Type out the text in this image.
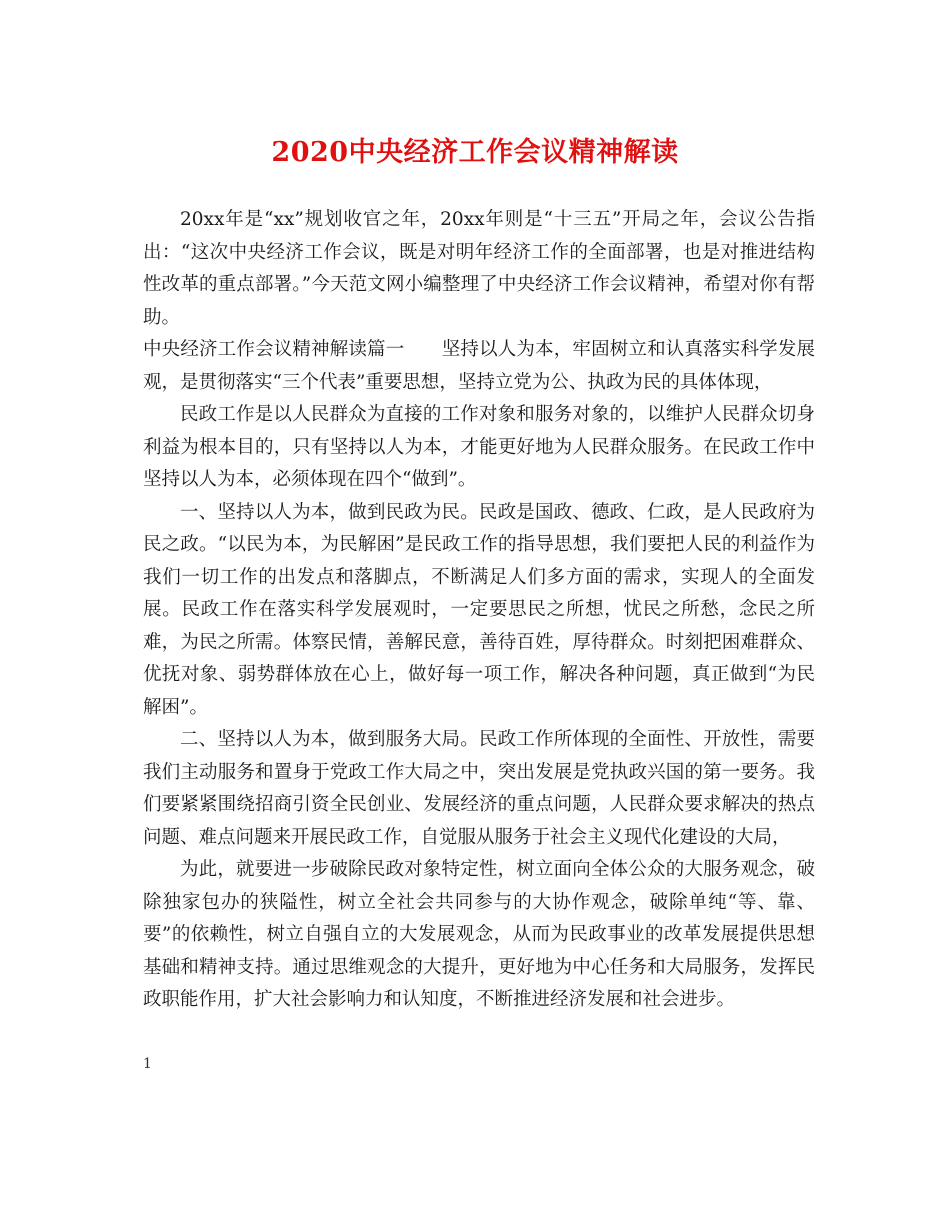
2020中央经济工作会议精神解读

20xx年是“xx”规划收官之年，20xx年则是“十三五”开局之年，会议公告指出：“这次中央经济工作会议，既是对明年经济工作的全面部署，也是对推进结构性改革的重点部署。”今天范文网小编整理了中央经济工作会议精神，希望对你有帮助。

中央经济工作会议精神解读篇一　　坚持以人为本，牢固树立和认真落实科学发展观，是贯彻落实“三个代表”重要思想，坚持立党为公、执政为民的具体体现，

民政工作是以人民群众为直接的工作对象和服务对象的，以维护人民群众切身利益为根本目的，只有坚持以人为本，才能更好地为人民群众服务。在民政工作中坚持以人为本，必须体现在四个“做到”。

一、坚持以人为本，做到民政为民。民政是国政、德政、仁政，是人民政府为民之政。“以民为本，为民解困”是民政工作的指导思想，我们要把人民的利益作为我们一切工作的出发点和落脚点，不断满足人们多方面的需求，实现人的全面发展。民政工作在落实科学发展观时，一定要思民之所想，忧民之所愁，念民之所难，为民之所需。体察民情，善解民意，善待百姓，厚待群众。时刻把困难群众、优抚对象、弱势群体放在心上，做好每一项工作，解决各种问题，真正做到“为民解困”。

二、坚持以人为本，做到服务大局。民政工作所体现的全面性、开放性，需要我们主动服务和置身于党政工作大局之中，突出发展是党执政兴国的第一要务。我们要紧紧围绕招商引资全民创业、发展经济的重点问题，人民群众要求解决的热点问题、难点问题来开展民政工作，自觉服从服务于社会主义现代化建设的大局，

为此，就要进一步破除民政对象特定性，树立面向全体公众的大服务观念，破除独家包办的狭隘性，树立全社会共同参与的大协作观念，破除单纯“等、靠、要”的依赖性，树立自强自立的大发展观念，从而为民政事业的改革发展提供思想基础和精神支持。通过思维观念的大提升，更好地为中心任务和大局服务，发挥民政职能作用，扩大社会影响力和认知度，不断推进经济发展和社会进步。

1
